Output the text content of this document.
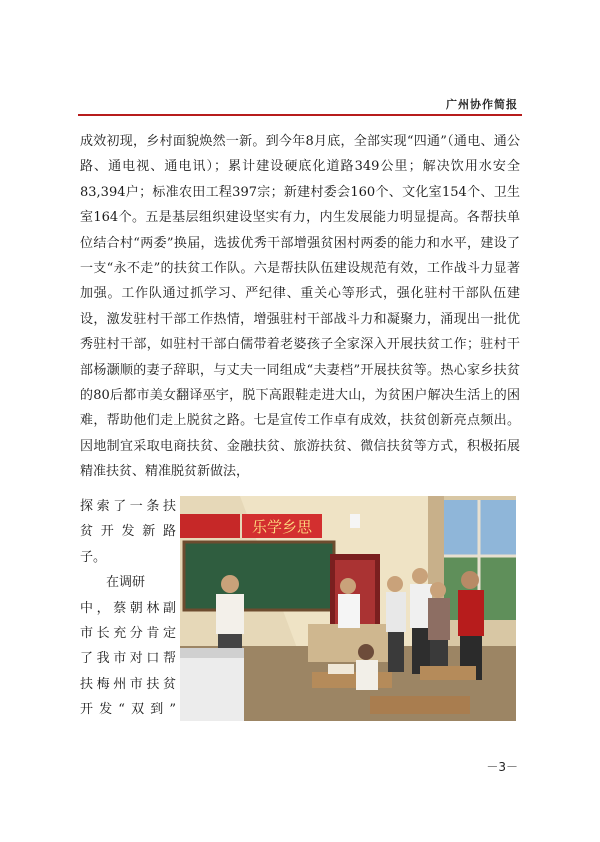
广州协作简报

成效初现，乡村面貌焕然一新。到今年8月底，全部实现“四通”（通电、通公路、通电视、通电讯）；累计建设硬底化道路349公里；解决饮用水安全83,394户；标准农田工程397宗；新建村委会160个、文化室154个、卫生室164个。五是基层组织建设坚实有力，内生发展能力明显提高。各帮扶单位结合村“两委”换届，选拔优秀干部增强贫困村两委的能力和水平，建设了一支“永不走”的扶贫工作队。六是帮扶队伍建设规范有效，工作战斗力显著加强。工作队通过抓学习、严纪律、重关心等形式，强化驻村干部队伍建设，激发驻村干部工作热情，增强驻村干部战斗力和凝聚力，涌现出一批优秀驻村干部，如驻村干部白儒带着老婆孩子全家深入开展扶贫工作；驻村干部杨灏顺的妻子辞职，与丈夫一同组成“夫妻档”开展扶贫等。热心家乡扶贫的80后都市美女翻译巫宇，脱下高跟鞋走进大山，为贫困户解决生活上的困难，帮助他们走上脱贫之路。七是宣传工作卓有成效，扶贫创新亮点频出。因地制宜采取电商扶贫、金融扶贫、旅游扶贫、微信扶贫等方式，积极拓展精准扶贫、精准脱贫新做法，

探索了一条扶

贫开发新路

子。

在调研

中，蔡朝林副

市长充分肯定

了我市对口帮

扶梅州市扶贫

开发“双到”

乐学乡思
－3－
